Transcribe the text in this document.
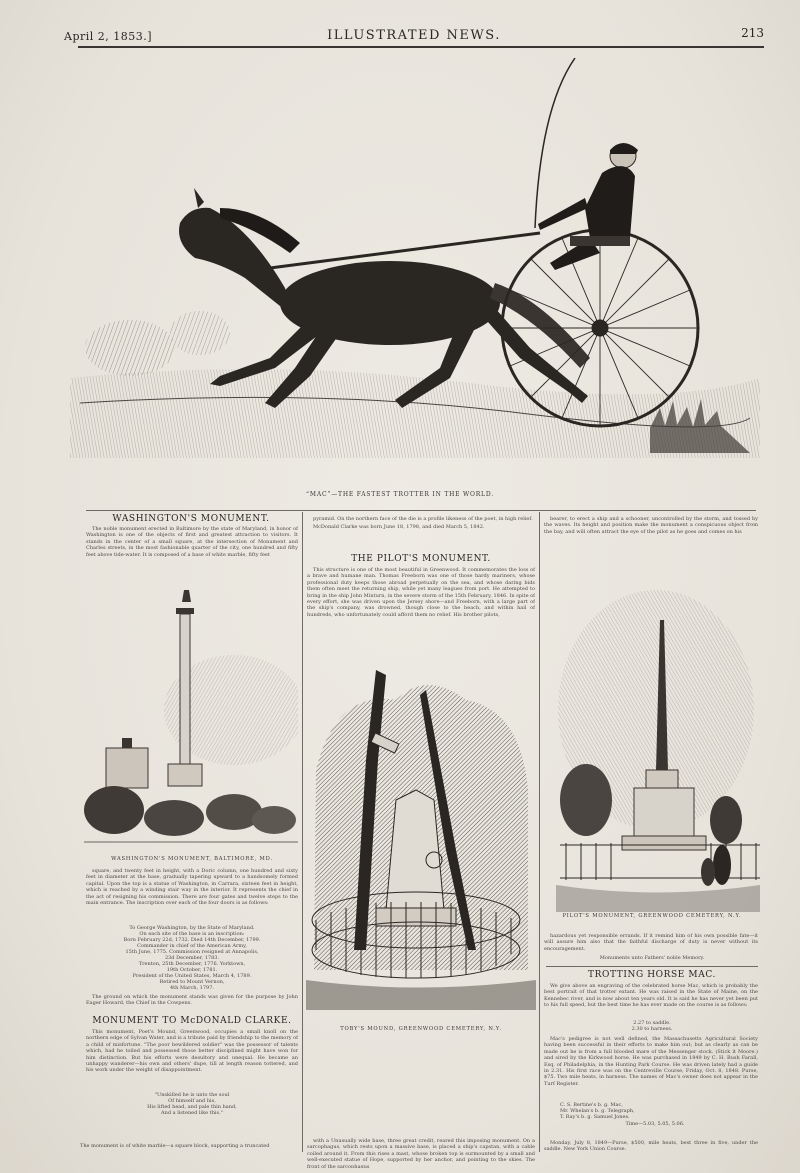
April 2, 1853.]	ILLUSTRATED NEWS.	213
“MAC”—THE FASTEST TROTTER IN THE WORLD.
WASHINGTON'S MONUMENT.

The noble monument erected in Baltimore by the state of Maryland, in honor of Washington is one of the objects of first and greatest attraction to visitors. It stands in the center of a small square, at the intersection of Monument and Charles streets, in the most fashionable quarter of the city, one hundred and fifty feet above tide-water. It is composed of a base of white marble, fifty feet

WASHINGTON'S MONUMENT, BALTIMORE, MD.

square, and twenty feet in height, with a Doric column, one hundred and sixty feet in diameter at the base, gradually tapering upward to a handsomely formed capital. Upon the top is a statue of Washington, in Carrara, sixteen feet in height, which is reached by a winding stair way in the interior. It represents the chief in the act of resigning his commission. There are four gates and twelve steps to the main entrance. The inscription over each of the four doors is as follows:

To George Washington, by the State of Maryland.
On each site of the base is an inscription:
Born February 22d, 1732. Died 14th December, 1799.
Commander in chief of the American Army,
15th June, 1775. Commission resigned at Annapolis,
23d December, 1783.
Trenton, 25th December, 1776. Yorktown,
19th October, 1781.
President of the United States, March 4, 1789.
Retired to Mount Vernon,
4th March, 1797.

The ground on which the monument stands was given for the purpose by John Eager Howard, the Chief in the Cowpens.

MONUMENT TO McDONALD CLARKE.

This monument, Poet's Mound, Greenwood, occupies a small knoll on the northern edge of Sylvan Water, and is a tribute paid by friendship to the memory of a child of misfortune. "The poor bewildered soldier" was the possessor of talents which, had he toiled and possessed those better disciplined might have won for him distinction. But his efforts were desultory and unequal. He became an unhappy wanderer—his own and others' dupe, till at length reason tottered, and his work under the weight of disappointment.

"Unskilled he is unto the soul
Of himself and his,
His lifted head, and pale thin hand,
And a listened like this."

The monument is of white marble—a square block, supporting a truncated

pyramid. On the northern face of the die is a profile likeness of the poet, in high relief.

McDonald Clarke was born June 18, 1798, and died March 5, 1842.

THE PILOT'S MONUMENT.

This structure is one of the most beautiful in Greenwood. It commemorates the loss of a brave and humane man. Thomas Freeborn was one of those hardy mariners, whose professional duty keeps those abroad perpetually on the sea, and whose daring bids them often meet the returning ship, while yet many leagues from port. He attempted to bring in the ship John Minturn, in the severe storm of the 15th February, 1846. In spite of every effort, she was driven upon the Jersey shore—and Freeborn, with a large part of the ship's company, was drowned, though close to the beach, and within hail of hundreds, who unfortunately could afford them no relief. His brother pilots,

TOBY'S MOUND, GREENWOOD CEMETERY, N.Y.

with a Unusually wide base, three great credit, reared this imposing monument. On a sarcophagus, which rests upon a massive base, is placed a ship's capstan, with a cable coiled around it. From this rises a mast, whose broken top is surmounted by a small and well-executed statue of Hope, supported by her anchor, and pointing to the skies. The front of the sarcophagus

bearer, to erect a ship and a schooner, uncontrolled by the storm, and tossed by the waves. Its height and position make the monument a conspicuous object from the bay, and will often attract the eye of the pilot as he goes and comes on his

PILOT'S MONUMENT, GREENWOOD CEMETERY, N.Y.

hazardous yet responsible errands. If it remind him of his own possible fate—it will assure him also that the faithful discharge of duty is never without its encouragement.

Monuments unto Fathers' noble Memory.
TROTTING HORSE MAC.

We give above an engraving of the celebrated horse Mac, which is probably the best portrait of that trotter extant. He was raised in the State of Maine, on the Kennebec river, and is now about ten years old. It is said he has never yet been put to his full speed, but the best time he has ever made on the course is as follows:

2.27 to saddle.
2.30 to harness.

Mac's pedigree is not well defined, the Massachusetts Agricultural Society having been successful in their efforts to make him out; but as clearly as can be made out he is from a full blooded mare of the Messenger stock. (Stick it Moore.) and sired by the Kirkwood horse. He was purchased in 1849 by C. H. Bush Farall, Esq. of Philadelphia, in the Hunting Park Course. He was driven lately had a guide in 2.31. His first race was on the Centreville Course, Friday, Oct. 8, 1848. Purse, $75. Two mile heats, in harness. The names of Mac's owner does not appear in the Turf Register.

C. S. Bertine's b. g. Mac,
Mr. Whelan's b. g. Telegraph,
T. Ray's b. g. Samuel Jones.
Time—5.03, 5.05, 5.06.

Monday, July 8, 1849—Purse, $500, mile heats, best three in five, under the saddle. New York Union Course.
